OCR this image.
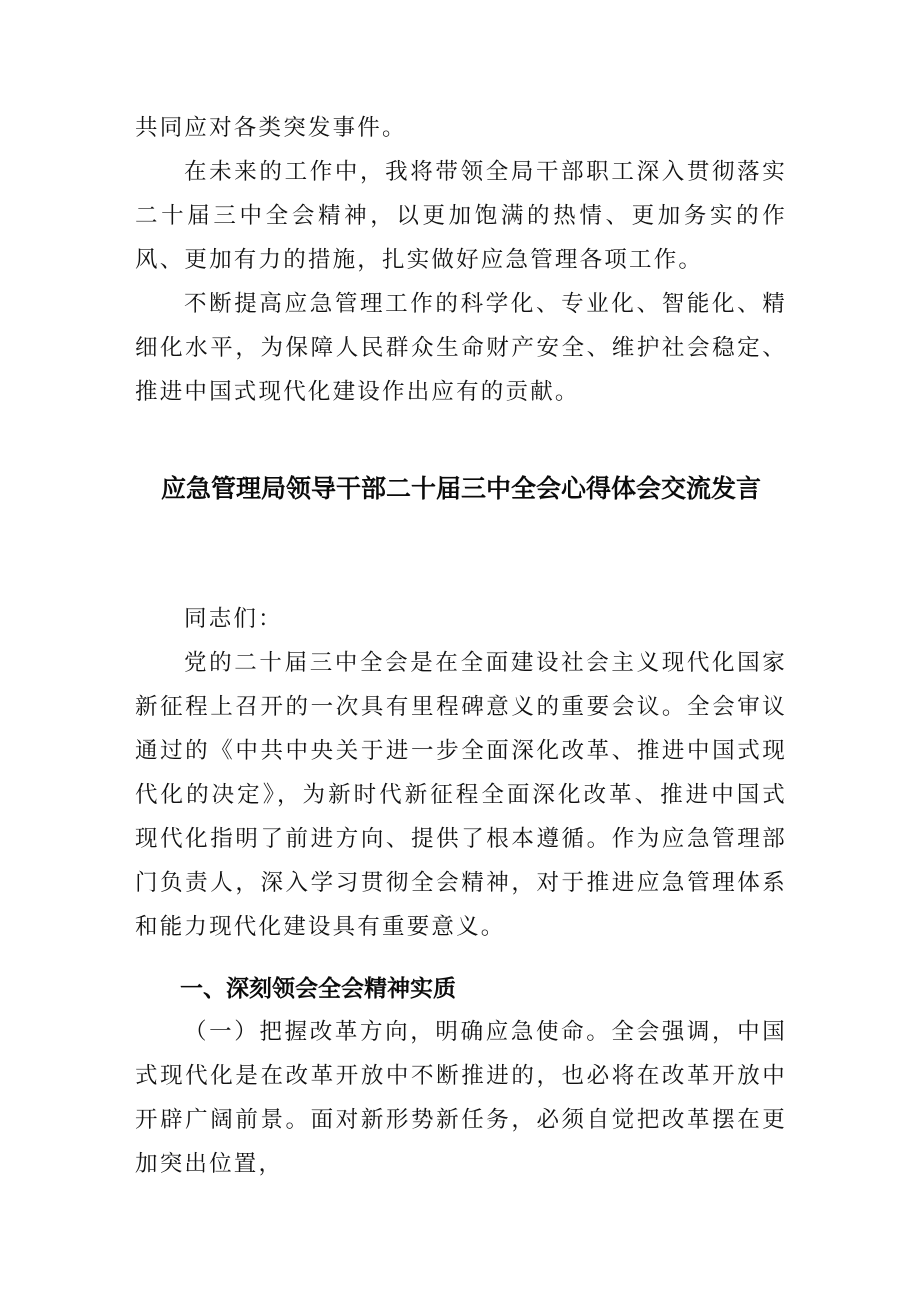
共同应对各类突发事件。

在未来的工作中，我将带领全局干部职工深入贯彻落实二十届三中全会精神，以更加饱满的热情、更加务实的作风、更加有力的措施，扎实做好应急管理各项工作。

不断提高应急管理工作的科学化、专业化、智能化、精细化水平，为保障人民群众生命财产安全、维护社会稳定、推进中国式现代化建设作出应有的贡献。

应急管理局领导干部二十届三中全会心得体会交流发言

同志们：

党的二十届三中全会是在全面建设社会主义现代化国家新征程上召开的一次具有里程碑意义的重要会议。全会审议通过的《中共中央关于进一步全面深化改革、推进中国式现代化的决定》，为新时代新征程全面深化改革、推进中国式现代化指明了前进方向、提供了根本遵循。作为应急管理部门负责人，深入学习贯彻全会精神，对于推进应急管理体系和能力现代化建设具有重要意义。

一、深刻领会全会精神实质

（一）把握改革方向，明确应急使命。全会强调，中国式现代化是在改革开放中不断推进的，也必将在改革开放中开辟广阔前景。面对新形势新任务，必须自觉把改革摆在更加突出位置，
